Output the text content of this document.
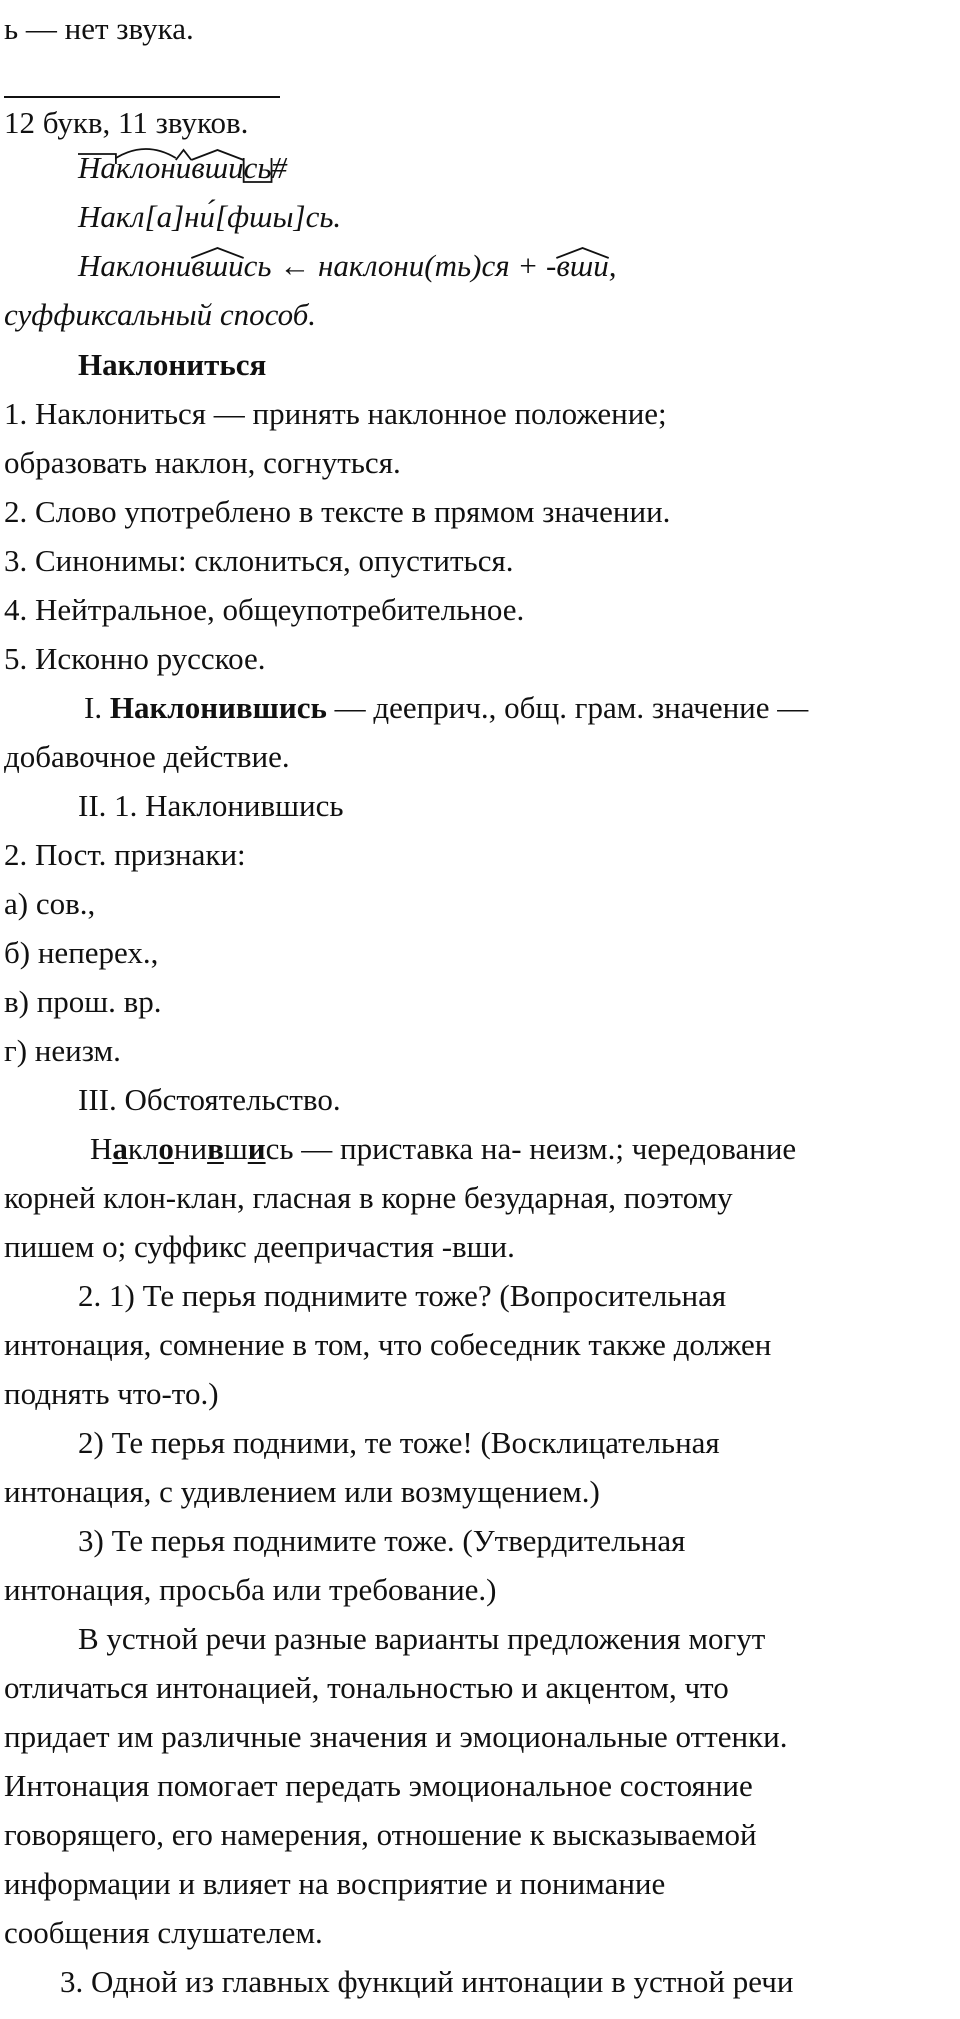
ь — нет звука.
12 букв, 11 звуков.
Наклонившись#
Накл[а]ни́[фшы]сь.
Наклонившись ← наклони(ть)ся + -вши,
суффиксальный способ.
Наклониться
1. Наклониться — принять наклонное положение;
образовать наклон, согнуться.
2. Слово употреблено в тексте в прямом значении.
3. Синонимы: склониться, опуститься.
4. Нейтральное, общеупотребительное.
5. Исконно русское.
I. Наклонившись — дееприч., общ. грам. значение —
добавочное действие.
II. 1. Наклонившись
2. Пост. признаки:
а) сов.,
б) неперех.,
в) прош. вр.
г) неизм.
III. Обстоятельство.
Наклонившись — приставка на- неизм.; чередование
корней клон-клан, гласная в корне безударная, поэтому
пишем о; суффикс деепричастия -вши.
2. 1) Те перья поднимите тоже? (Вопросительная
интонация, сомнение в том, что собеседник также должен
поднять что-то.)
2) Те перья подними, те тоже! (Восклицательная
интонация, с удивлением или возмущением.)
3) Те перья поднимите тоже. (Утвердительная
интонация, просьба или требование.)
В устной речи разные варианты предложения могут
отличаться интонацией, тональностью и акцентом, что
придает им различные значения и эмоциональные оттенки.
Интонация помогает передать эмоциональное состояние
говорящего, его намерения, отношение к высказываемой
информации и влияет на восприятие и понимание
сообщения слушателем.
3. Одной из главных функций интонации в устной речи
